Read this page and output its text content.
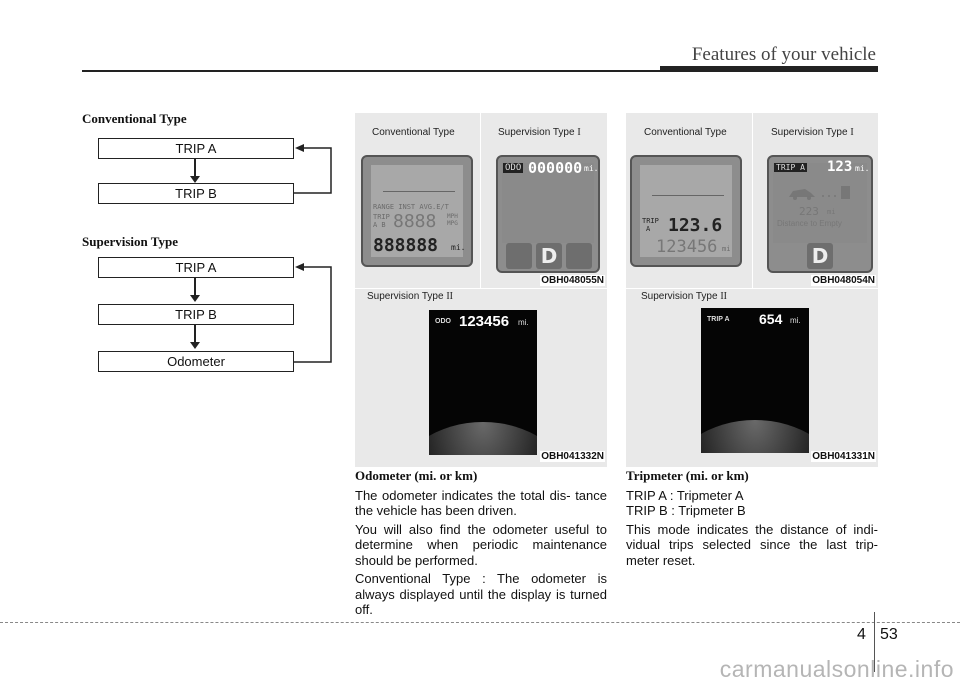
Features of your vehicle
Conventional Type
TRIP A
TRIP B
Supervision Type
TRIP A
TRIP B
Odometer
Conventional Type	Supervision Type I
RANGE INST AVG.E/T
TRIP
A B 8888 MPH MPG
888888 mi.
ODO 000000 mi.
D
OBH048055N
Supervision Type II
ODO 123456 mi.
OBH041332N
Conventional Type	Supervision Type I
TRIP
A 123.6
123456 mi
TRIP A 123 mi.
223 mi
Distance to Empty
D
OBH048054N
Supervision Type II
TRIP A 654 mi.
OBH041331N
Odometer (mi. or km)

The odometer indicates the total dis- tance the vehicle has been driven.

You will also find the odometer useful to determine when periodic maintenance should be performed.

Conventional Type : The odometer is always displayed until the display is turned off.

Tripmeter (mi. or km)

TRIP A : Tripmeter A

TRIP B : Tripmeter B

This mode indicates the distance of indi- vidual trips selected since the last trip- meter reset.

4 53
carmanualsonline.info
